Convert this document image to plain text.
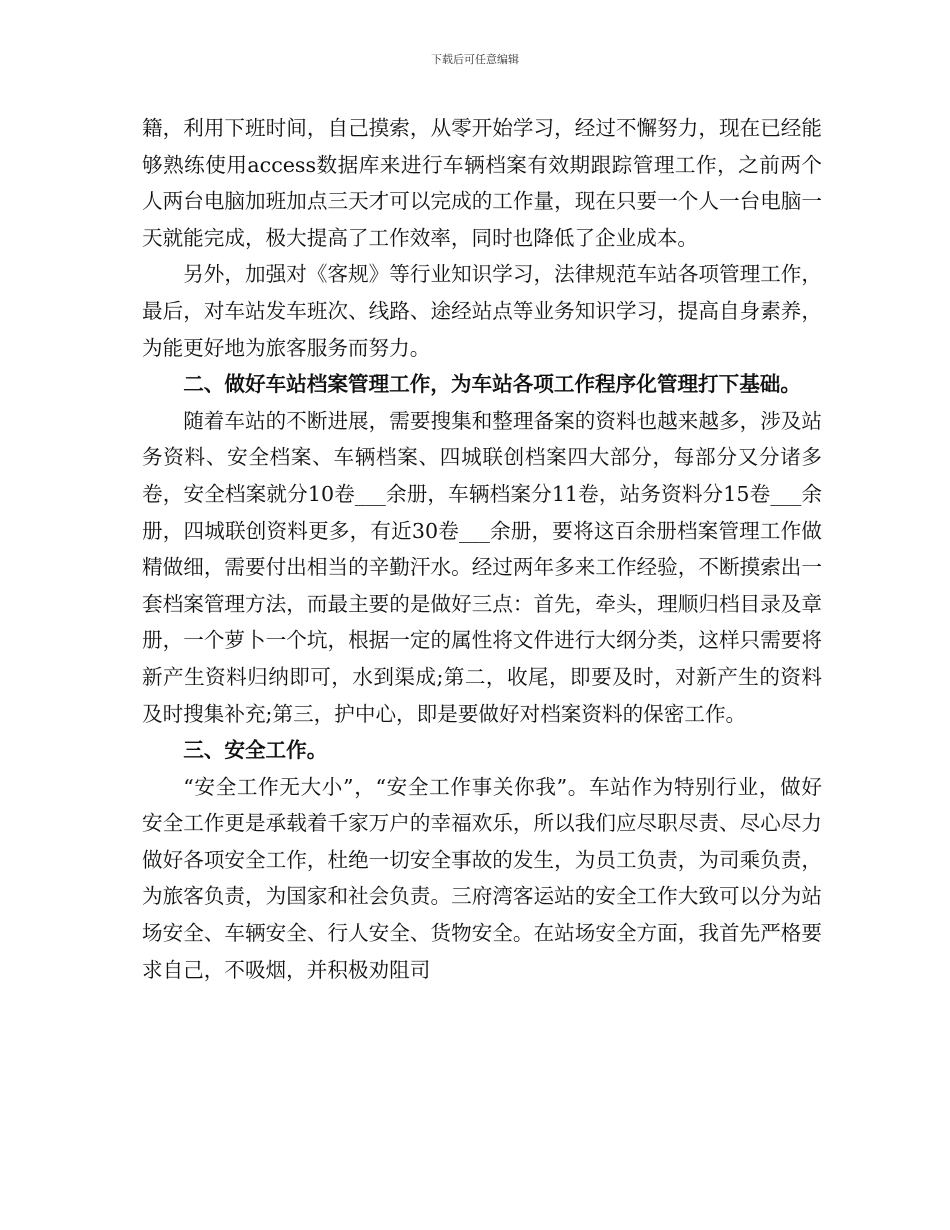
下载后可任意编辑

籍，利用下班时间，自己摸索，从零开始学习，经过不懈努力，现在已经能够熟练使用access数据库来进行车辆档案有效期跟踪管理工作，之前两个人两台电脑加班加点三天才可以完成的工作量，现在只要一个人一台电脑一天就能完成，极大提高了工作效率，同时也降低了企业成本。

另外，加强对《客规》等行业知识学习，法律规范车站各项管理工作，最后，对车站发车班次、线路、途经站点等业务知识学习，提高自身素养，为能更好地为旅客服务而努力。

二、做好车站档案管理工作，为车站各项工作程序化管理打下基础。

随着车站的不断进展，需要搜集和整理备案的资料也越来越多，涉及站务资料、安全档案、车辆档案、四城联创档案四大部分，每部分又分诸多卷，安全档案就分10卷___余册，车辆档案分11卷，站务资料分15卷___余册，四城联创资料更多，有近30卷___余册，要将这百余册档案管理工作做精做细，需要付出相当的辛勤汗水。经过两年多来工作经验，不断摸索出一套档案管理方法，而最主要的是做好三点：首先，牵头，理顺归档目录及章册，一个萝卜一个坑，根据一定的属性将文件进行大纲分类，这样只需要将新产生资料归纳即可，水到渠成;第二，收尾，即要及时，对新产生的资料及时搜集补充;第三，护中心，即是要做好对档案资料的保密工作。

三、安全工作。

“安全工作无大小”，“安全工作事关你我”。车站作为特别行业，做好安全工作更是承载着千家万户的幸福欢乐，所以我们应尽职尽责、尽心尽力做好各项安全工作，杜绝一切安全事故的发生，为员工负责，为司乘负责，为旅客负责，为国家和社会负责。三府湾客运站的安全工作大致可以分为站场安全、车辆安全、行人安全、货物安全。在站场安全方面，我首先严格要求自己，不吸烟，并积极劝阻司
